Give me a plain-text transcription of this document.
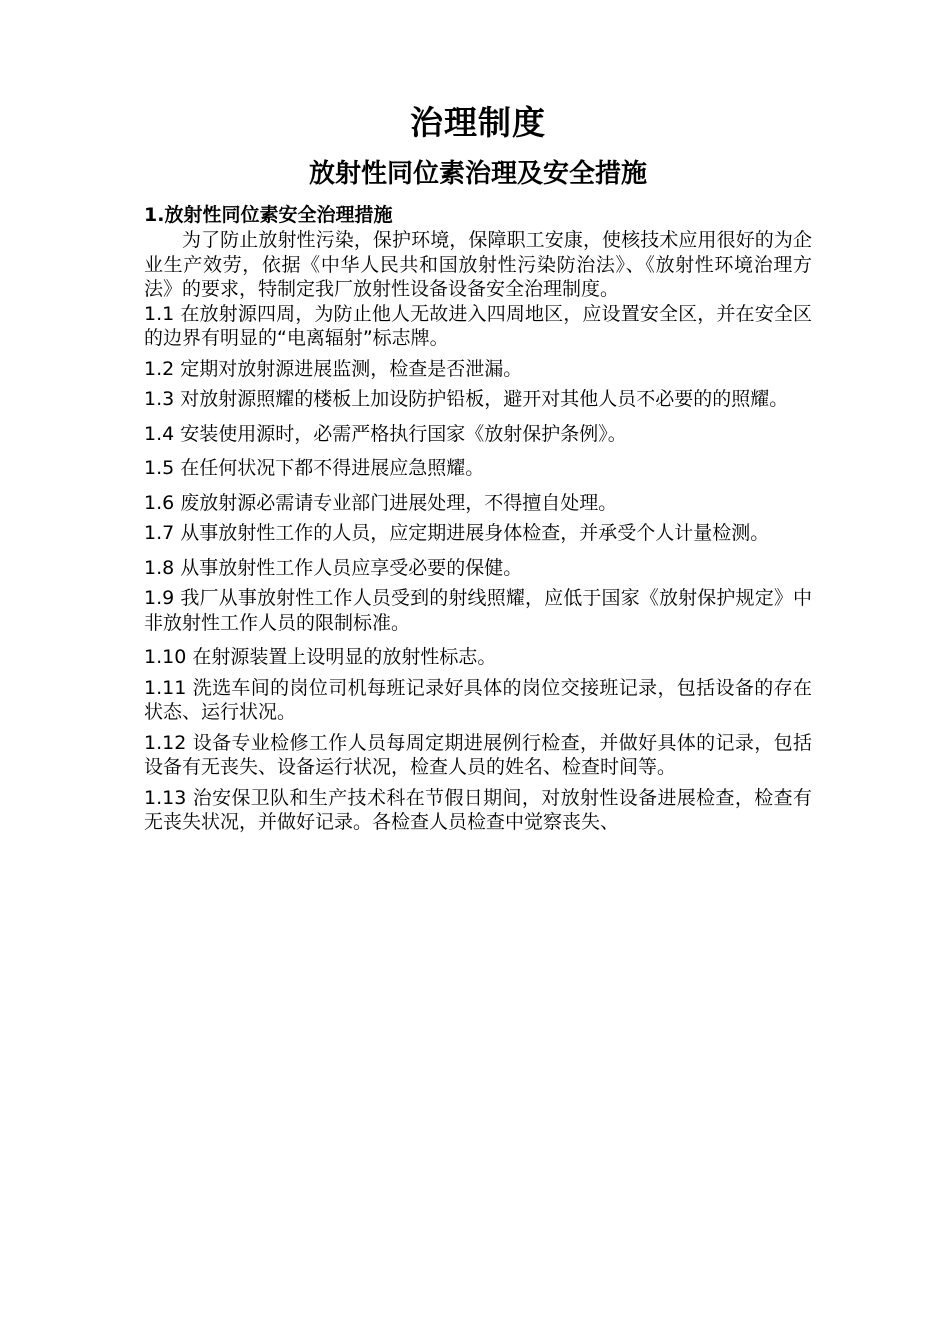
治理制度
放射性同位素治理及安全措施

1.放射性同位素安全治理措施

为了防止放射性污染，保护环境，保障职工安康，使核技术应用很好的为企业生产效劳，依据《中华人民共和国放射性污染防治法》、《放射性环境治理方法》的要求，特制定我厂放射性设备设备安全治理制度。

1.1 在放射源四周，为防止他人无故进入四周地区，应设置安全区，并在安全区的边界有明显的“电离辐射”标志牌。

1.2 定期对放射源进展监测，检查是否泄漏。

1.3 对放射源照耀的楼板上加设防护铅板，避开对其他人员不必要的的照耀。

1.4 安装使用源时，必需严格执行国家《放射保护条例》。

1.5 在任何状况下都不得进展应急照耀。

1.6 废放射源必需请专业部门进展处理，不得擅自处理。

1.7 从事放射性工作的人员，应定期进展身体检查，并承受个人计量检测。

1.8 从事放射性工作人员应享受必要的保健。

1.9 我厂从事放射性工作人员受到的射线照耀，应低于国家《放射保护规定》中非放射性工作人员的限制标准。

1.10 在射源装置上设明显的放射性标志。

1.11 洗选车间的岗位司机每班记录好具体的岗位交接班记录，包括设备的存在状态、运行状况。

1.12 设备专业检修工作人员每周定期进展例行检查，并做好具体的记录，包括设备有无丧失、设备运行状况，检查人员的姓名、检查时间等。

1.13 治安保卫队和生产技术科在节假日期间，对放射性设备进展检查，检查有无丧失状况，并做好记录。各检查人员检查中觉察丧失、
